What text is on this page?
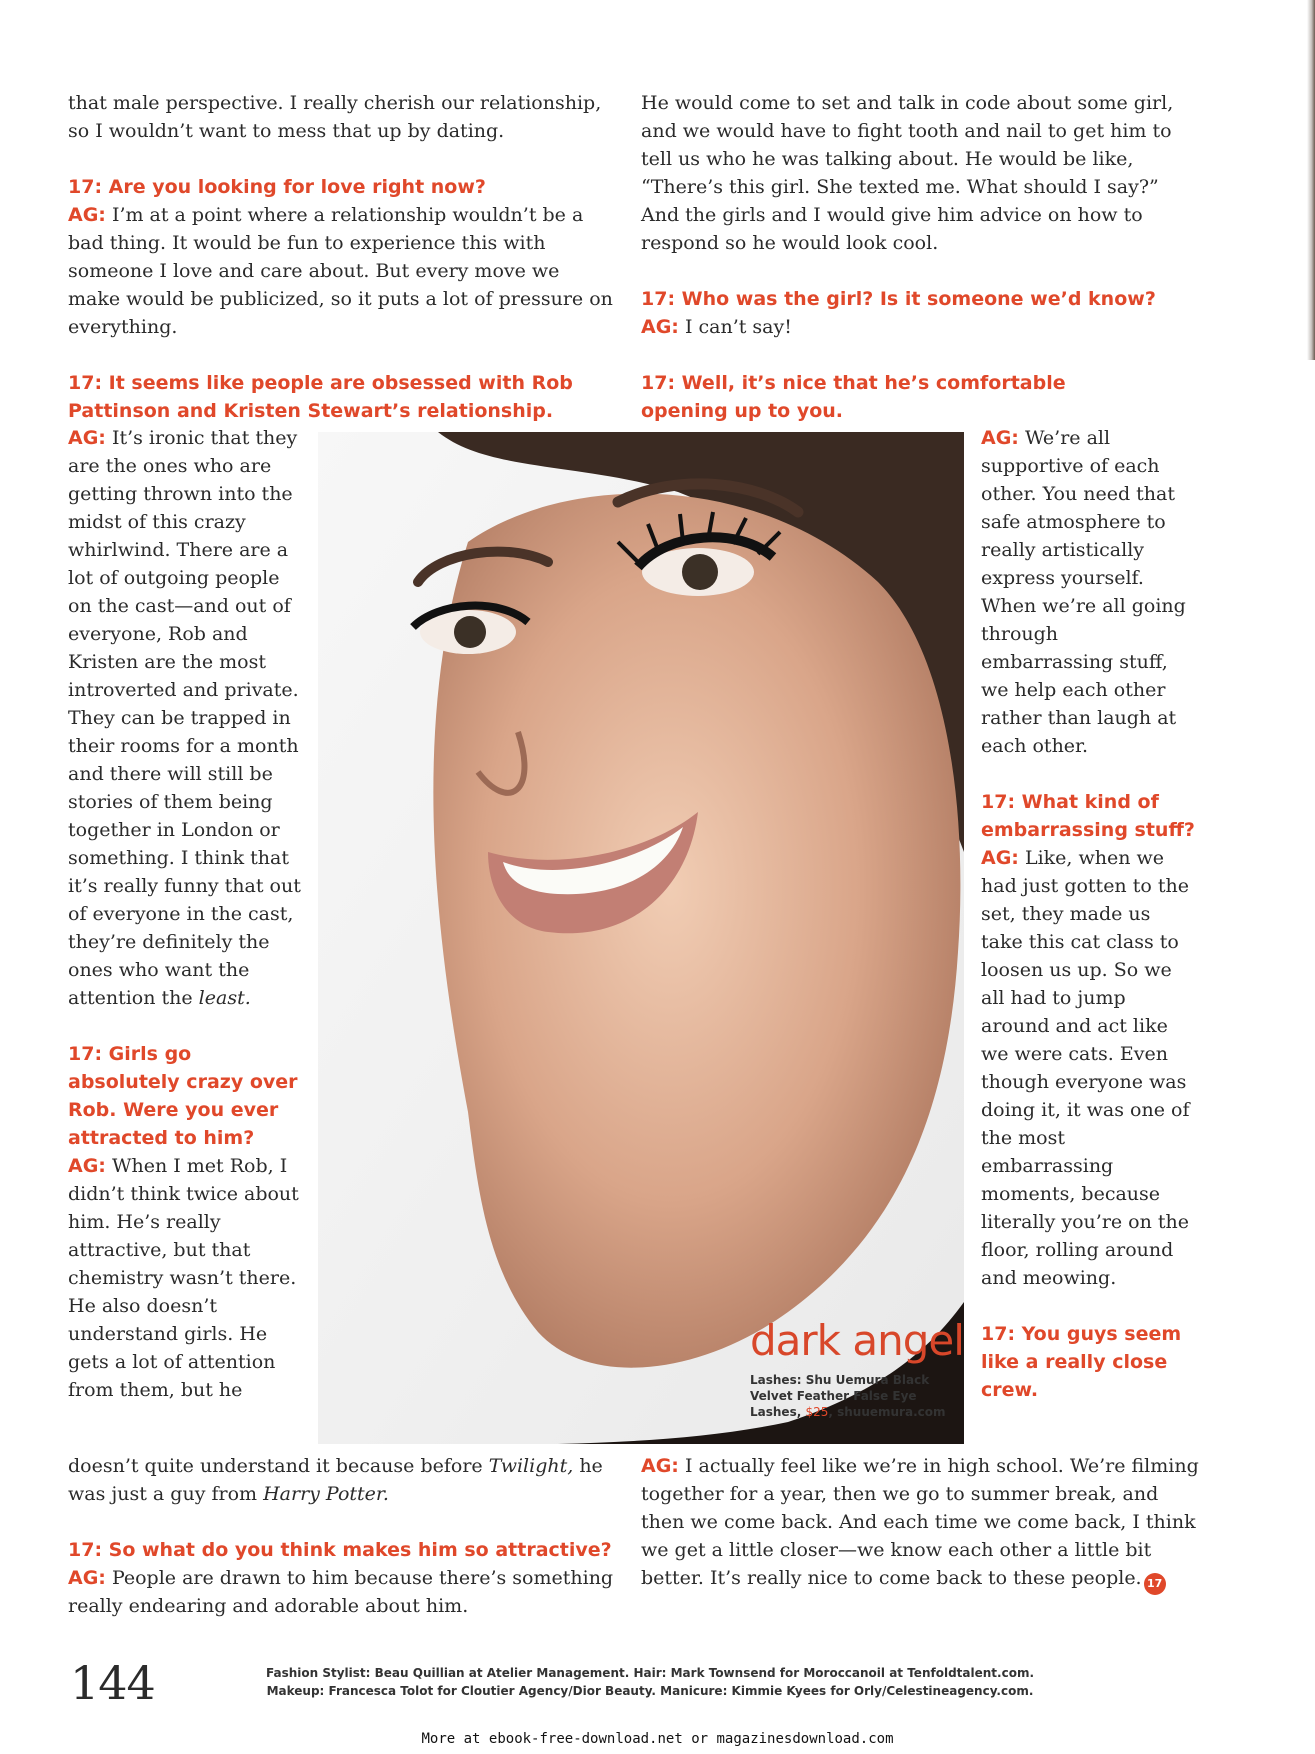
that male perspective. I really cherish our relationship, so I wouldn’t want to mess that up by dating.

17: Are you looking for love right now?
AG: I’m at a point where a relationship wouldn’t be a bad thing. It would be fun to experience this with someone I love and care about. But every move we make would be publicized, so it puts a lot of pressure on everything.

17: It seems like people are obsessed with Rob Pattinson and Kristen Stewart’s relationship.

AG: It’s ironic that they are the ones who are getting thrown into the midst of this crazy whirlwind. There are a lot of outgoing people on the cast—and out of everyone, Rob and Kristen are the most introverted and private. They can be trapped in their rooms for a month and there will still be stories of them being together in London or something. I think that it’s really funny that out of everyone in the cast, they’re definitely the ones who want the attention the least.

17: Girls go absolutely crazy over Rob. Were you ever attracted to him?
AG: When I met Rob, I didn’t think twice about him. He’s really attractive, but that chemistry wasn’t there. He also doesn’t understand girls. He gets a lot of attention from them, but he

doesn’t quite understand it because before Twilight, he was just a guy from Harry Potter.

17: So what do you think makes him so attractive?
AG: People are drawn to him because there’s something really endearing and adorable about him.

He would come to set and talk in code about some girl, and we would have to fight tooth and nail to get him to tell us who he was talking about. He would be like, “There’s this girl. She texted me. What should I say?” And the girls and I would give him advice on how to respond so he would look cool.

17: Who was the girl? Is it someone we’d know?
AG: I can’t say!

17: Well, it’s nice that he’s comfortable opening up to you.

AG: We’re all supportive of each other. You need that safe atmosphere to really artistically express yourself. When we’re all going through embarrassing stuff, we help each other rather than laugh at each other.

17: What kind of embarrassing stuff?
AG: Like, when we had just gotten to the set, they made us take this cat class to loosen us up. So we all had to jump around and act like we were cats. Even though everyone was doing it, it was one of the most embarrassing moments, because literally you’re on the floor, rolling around and meowing.

17: You guys seem like a really close crew.

AG: I actually feel like we’re in high school. We’re filming together for a year, then we go to summer break, and then we come back. And each time we come back, I think we get a little closer—we know each other a little bit better. It’s really nice to come back to these people. 17

dark angel
Lashes: Shu Uemura Black Velvet Feather False Eye Lashes, $25, shuuemura.com
144	Fashion Stylist: Beau Quillian at Atelier Management. Hair: Mark Townsend for Moroccanoil at Tenfoldtalent.com.
Makeup: Francesca Tolot for Cloutier Agency/Dior Beauty. Manicure: Kimmie Kyees for Orly/Celestineagency.com.
More at ebook-free-download.net or magazinesdownload.com
